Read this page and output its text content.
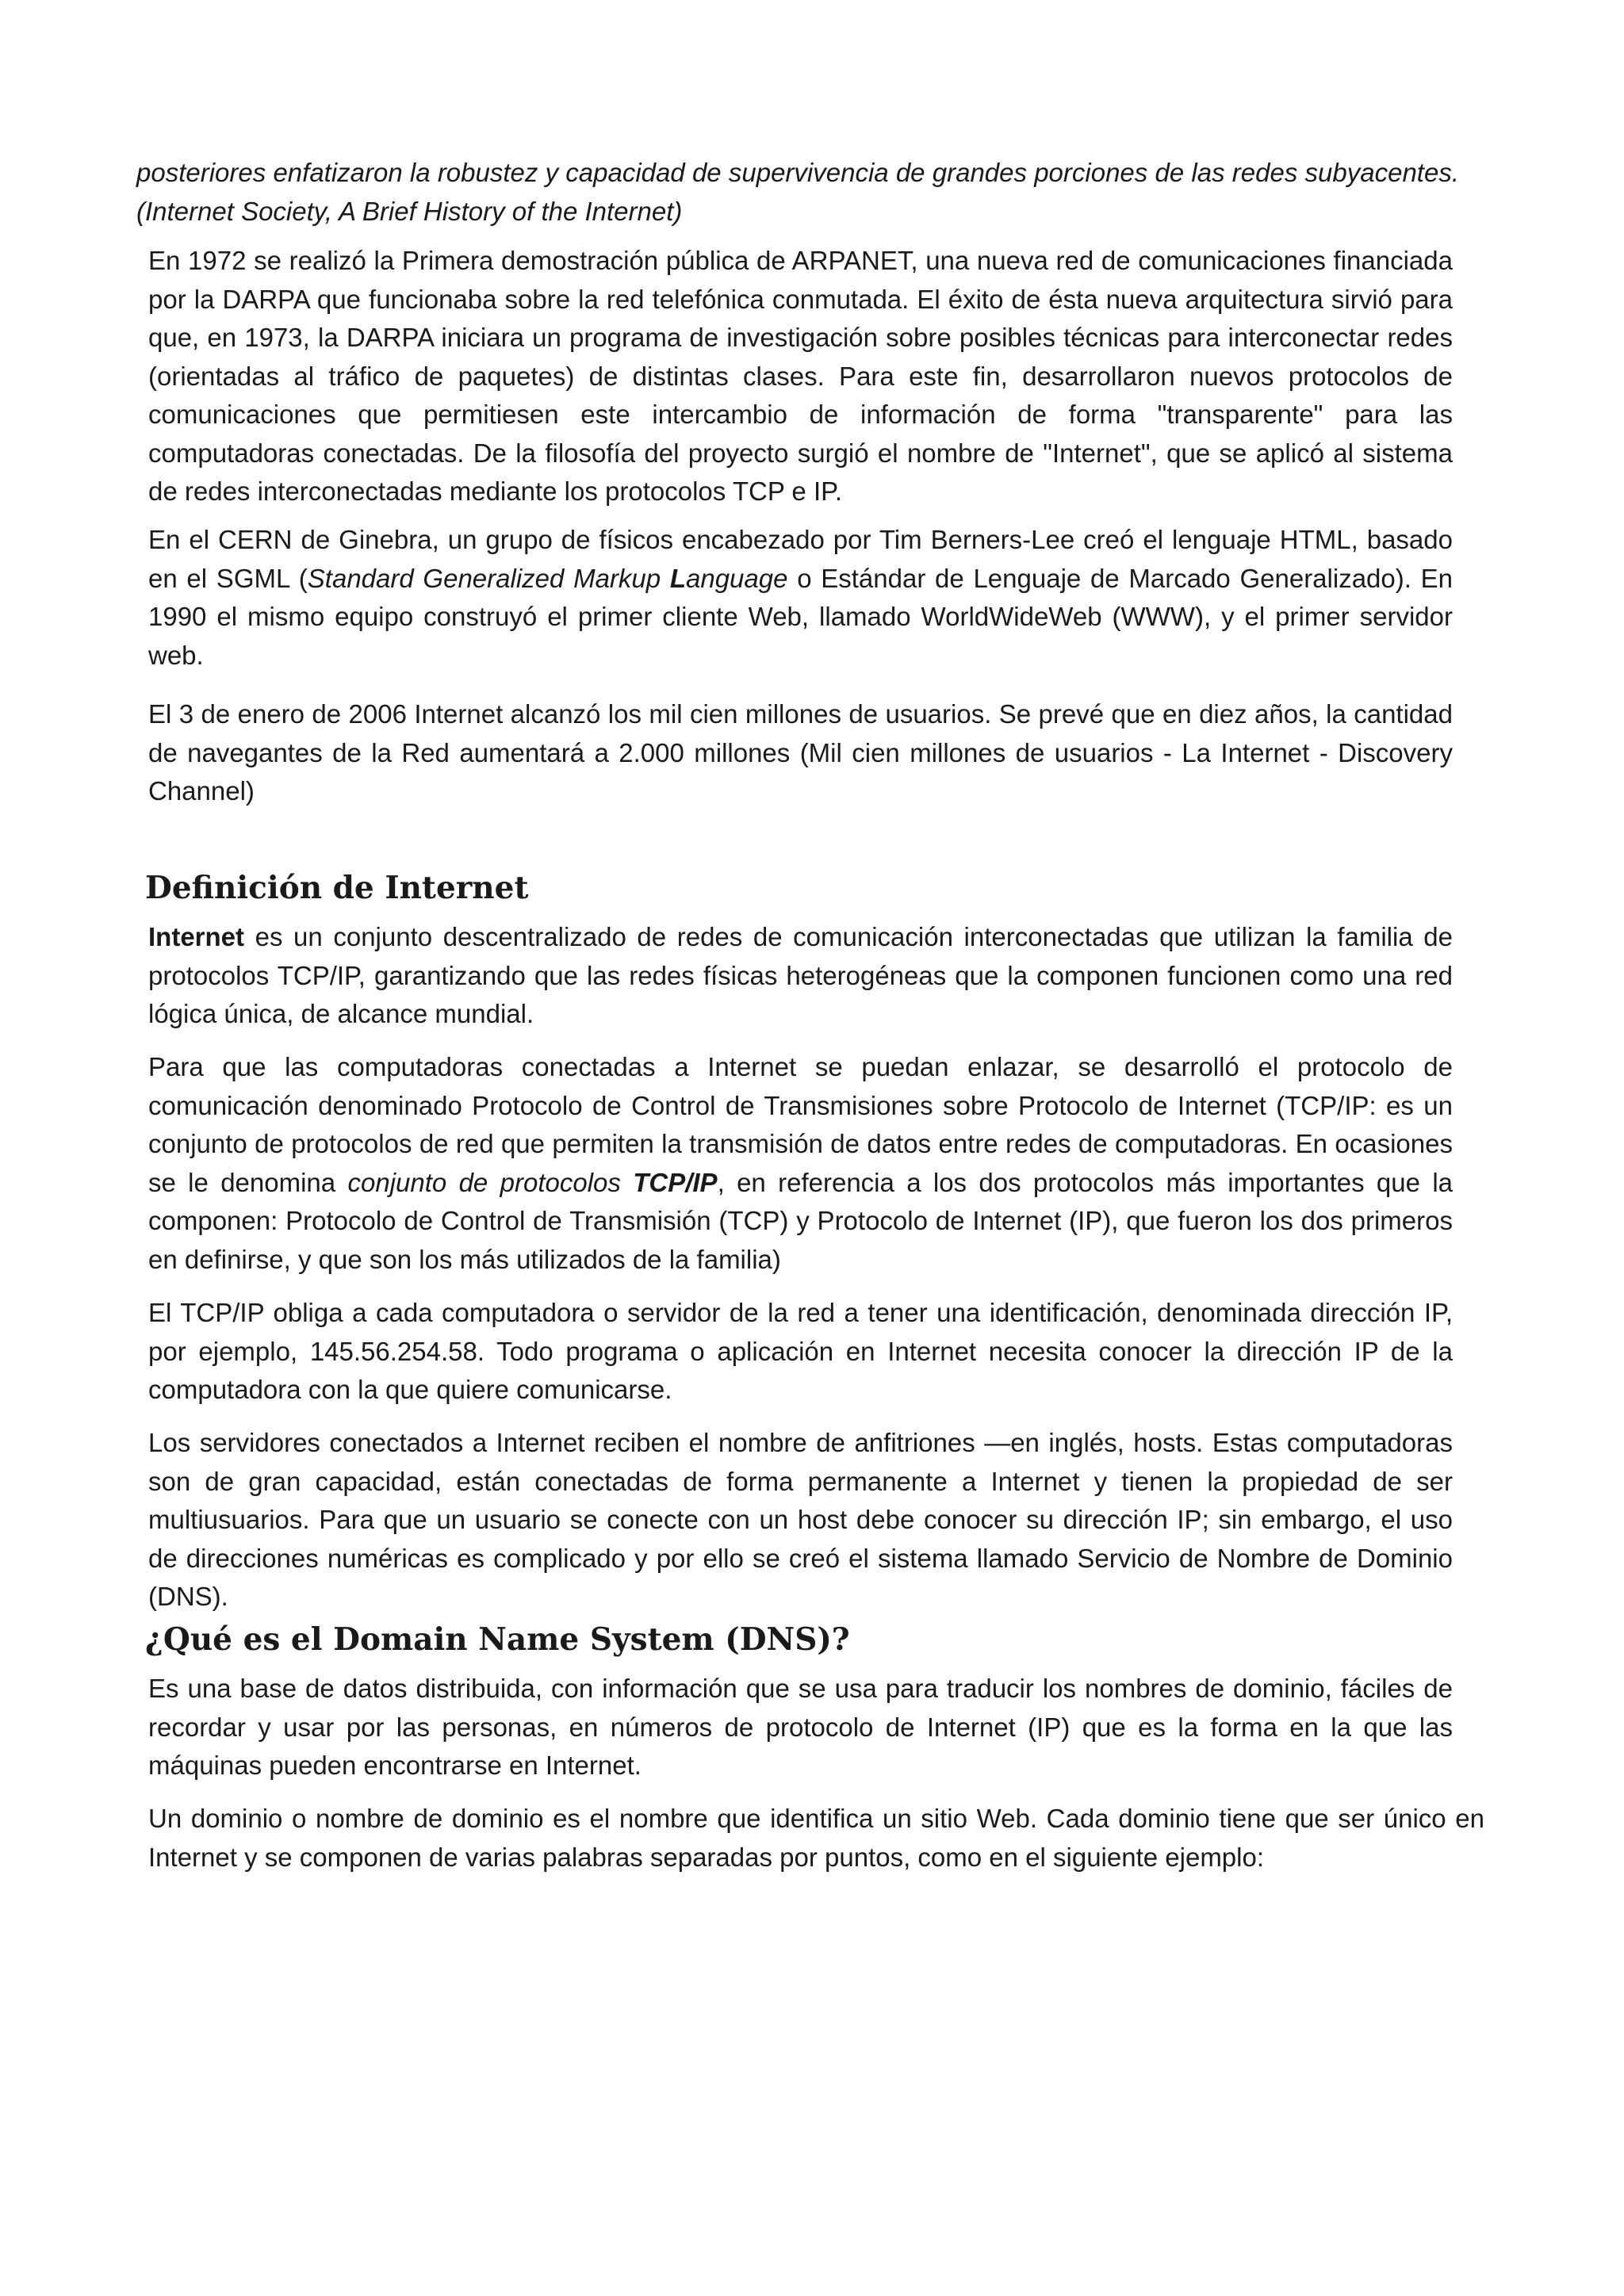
posteriores enfatizaron la robustez y capacidad de supervivencia de grandes porciones de las redes subyacentes. (Internet Society, A Brief History of the Internet)

En 1972 se realizó la Primera demostración pública de ARPANET, una nueva red de comunicaciones financiada por la DARPA que funcionaba sobre la red telefónica conmutada. El éxito de ésta nueva arquitectura sirvió para que, en 1973, la DARPA iniciara un programa de investigación sobre posibles técnicas para interconectar redes (orientadas al tráfico de paquetes) de distintas clases. Para este fin, desarrollaron nuevos protocolos de comunicaciones que permitiesen este intercambio de información de forma "transparente" para las computadoras conectadas. De la filosofía del proyecto surgió el nombre de "Internet", que se aplicó al sistema de redes interconectadas mediante los protocolos TCP e IP.

En el CERN de Ginebra, un grupo de físicos encabezado por Tim Berners-Lee creó el lenguaje HTML, basado en el SGML (Standard Generalized Markup Language o Estándar de Lenguaje de Marcado Generalizado). En 1990 el mismo equipo construyó el primer cliente Web, llamado WorldWideWeb (WWW), y el primer servidor web.

El 3 de enero de 2006 Internet alcanzó los mil cien millones de usuarios. Se prevé que en diez años, la cantidad de navegantes de la Red aumentará a 2.000 millones (Mil cien millones de usuarios - La Internet - Discovery Channel)

Definición de Internet

Internet es un conjunto descentralizado de redes de comunicación interconectadas que utilizan la familia de protocolos TCP/IP, garantizando que las redes físicas heterogéneas que la componen funcionen como una red lógica única, de alcance mundial.

Para que las computadoras conectadas a Internet se puedan enlazar, se desarrolló el protocolo de comunicación denominado Protocolo de Control de Transmisiones sobre Protocolo de Internet (TCP/IP: es un conjunto de protocolos de red que permiten la transmisión de datos entre redes de computadoras. En ocasiones se le denomina conjunto de protocolos TCP/IP, en referencia a los dos protocolos más importantes que la componen: Protocolo de Control de Transmisión (TCP) y Protocolo de Internet (IP), que fueron los dos primeros en definirse, y que son los más utilizados de la familia)

El TCP/IP obliga a cada computadora o servidor de la red a tener una identificación, denominada dirección IP, por ejemplo, 145.56.254.58. Todo programa o aplicación en Internet necesita conocer la dirección IP de la computadora con la que quiere comunicarse.

Los servidores conectados a Internet reciben el nombre de anfitriones —en inglés, hosts. Estas computadoras son de gran capacidad, están conectadas de forma permanente a Internet y tienen la propiedad de ser multiusuarios. Para que un usuario se conecte con un host debe conocer su dirección IP; sin embargo, el uso de direcciones numéricas es complicado y por ello se creó el sistema llamado Servicio de Nombre de Dominio (DNS).

¿Qué es el Domain Name System (DNS)?

Es una base de datos distribuida, con información que se usa para traducir los nombres de dominio, fáciles de recordar y usar por las personas, en números de protocolo de Internet (IP) que es la forma en la que las máquinas pueden encontrarse en Internet.

Un dominio o nombre de dominio es el nombre que identifica un sitio Web. Cada dominio tiene que ser único en Internet y se componen de varias palabras separadas por puntos, como en el siguiente ejemplo:
